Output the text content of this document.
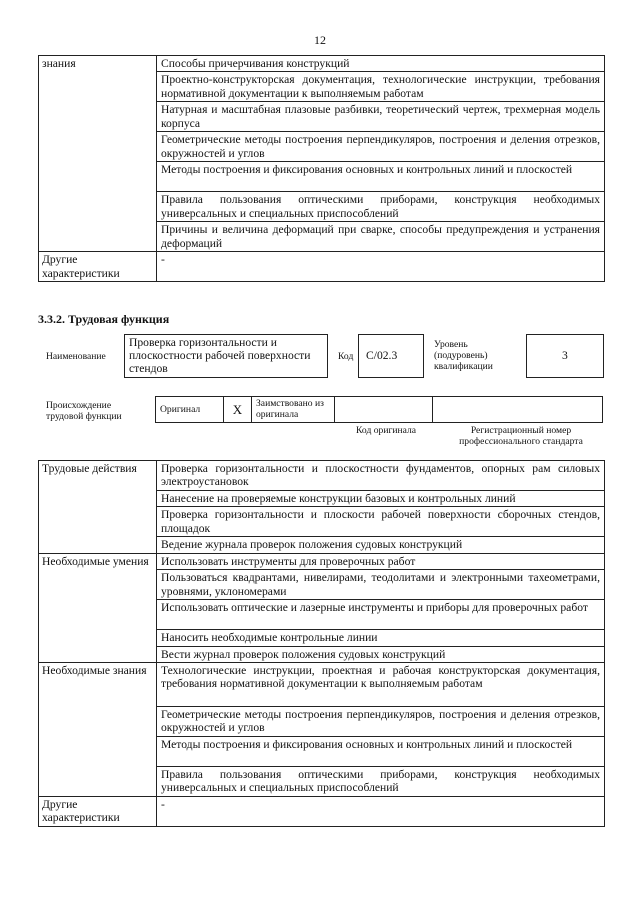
12
знания	Способы причерчивания конструкций
	Проектно-конструкторская документация, технологические инструкции, требования нормативной документации к выполняемым работам
	Натурная и масштабная плазовые разбивки, теоретический чертеж, трехмерная модель корпуса
	Геометрические методы построения перпендикуляров, построения и деления отрезков, окружностей и углов
	Методы построения и фиксирования основных и контрольных линий и плоскостей
	Правила пользования оптическими приборами, конструкция необходимых универсальных и специальных приспособлений
	Причины и величина деформаций при сварке, способы предупреждения и устранения деформаций
Другие характеристики	-
3.3.2. Трудовая функция
Наименование
Проверка горизонтальности и плоскостности рабочей поверхности стендов
Код С/02.3
Уровень (подуровень) квалификации
3
Происхождение трудовой функции
Оригинал	X	Заимствовано из оригинала		
Код оригинала	Регистрационный номер профессионального стандарта
Трудовые действия	Проверка горизонтальности и плоскостности фундаментов, опорных рам силовых электроустановок
	Нанесение на проверяемые конструкции базовых и контрольных линий
	Проверка горизонтальности и плоскости рабочей поверхности сборочных стендов, площадок
	Ведение журнала проверок положения судовых конструкций
Необходимые умения	Использовать инструменты для проверочных работ
	Пользоваться квадрантами, нивелирами, теодолитами и электронными тахеометрами, уровнями, уклономерами
	Использовать оптические и лазерные инструменты и приборы для проверочных работ
	Наносить необходимые контрольные линии
	Вести журнал проверок положения судовых конструкций
Необходимые знания	Технологические инструкции, проектная и рабочая конструкторская документация, требования нормативной документации к выполняемым работам
	Геометрические методы построения перпендикуляров, построения и деления отрезков, окружностей и углов
	Методы построения и фиксирования основных и контрольных линий и плоскостей
	Правила пользования оптическими приборами, конструкция необходимых универсальных и специальных приспособлений
Другие характеристики	-
